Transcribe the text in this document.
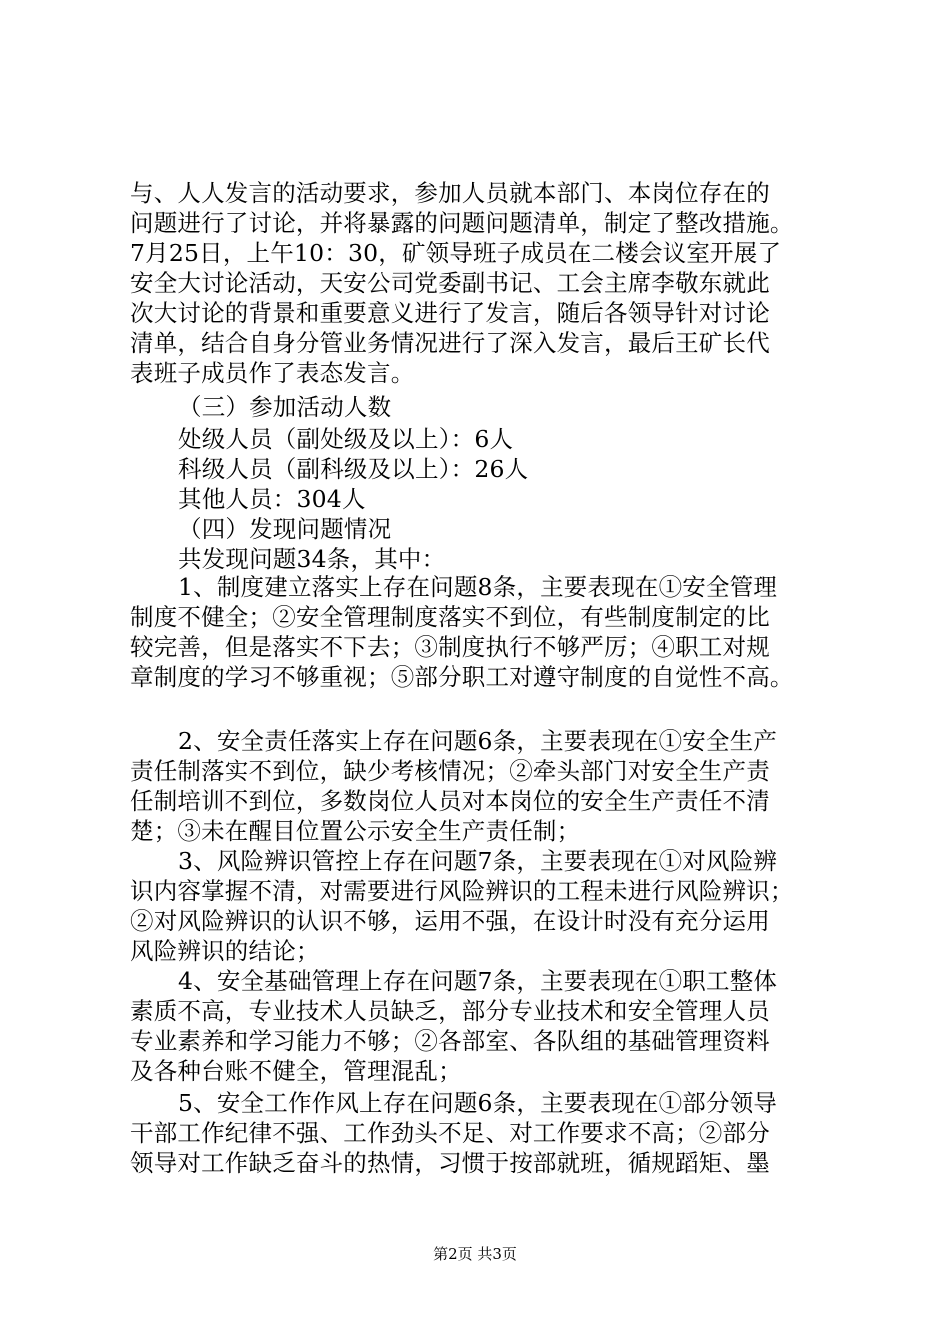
与、人人发言的活动要求，参加人员就本部门、本岗位存在的
问题进行了讨论，并将暴露的问题问题清单，制定了整改措施。
7月25日，上午10：30，矿领导班子成员在二楼会议室开展了
安全大讨论活动，天安公司党委副书记、工会主席李敬东就此
次大讨论的背景和重要意义进行了发言，随后各领导针对讨论
清单，结合自身分管业务情况进行了深入发言，最后王矿长代
表班子成员作了表态发言。
（三）参加活动人数
处级人员（副处级及以上）：6人
科级人员（副科级及以上）：26人
其他人员：304人
（四）发现问题情况
共发现问题34条，其中：
1、制度建立落实上存在问题8条，主要表现在①安全管理
制度不健全；②安全管理制度落实不到位，有些制度制定的比
较完善，但是落实不下去；③制度执行不够严厉；④职工对规
章制度的学习不够重视；⑤部分职工对遵守制度的自觉性不高。
2、安全责任落实上存在问题6条，主要表现在①安全生产
责任制落实不到位，缺少考核情况；②牵头部门对安全生产责
任制培训不到位，多数岗位人员对本岗位的安全生产责任不清
楚；③未在醒目位置公示安全生产责任制；
3、风险辨识管控上存在问题7条，主要表现在①对风险辨
识内容掌握不清，对需要进行风险辨识的工程未进行风险辨识；
②对风险辨识的认识不够，运用不强，在设计时没有充分运用
风险辨识的结论；
4、安全基础管理上存在问题7条，主要表现在①职工整体
素质不高，专业技术人员缺乏，部分专业技术和安全管理人员
专业素养和学习能力不够；②各部室、各队组的基础管理资料
及各种台账不健全，管理混乱；
5、安全工作作风上存在问题6条，主要表现在①部分领导
干部工作纪律不强、工作劲头不足、对工作要求不高；②部分
领导对工作缺乏奋斗的热情，习惯于按部就班，循规蹈矩、墨
第2页 共3页
